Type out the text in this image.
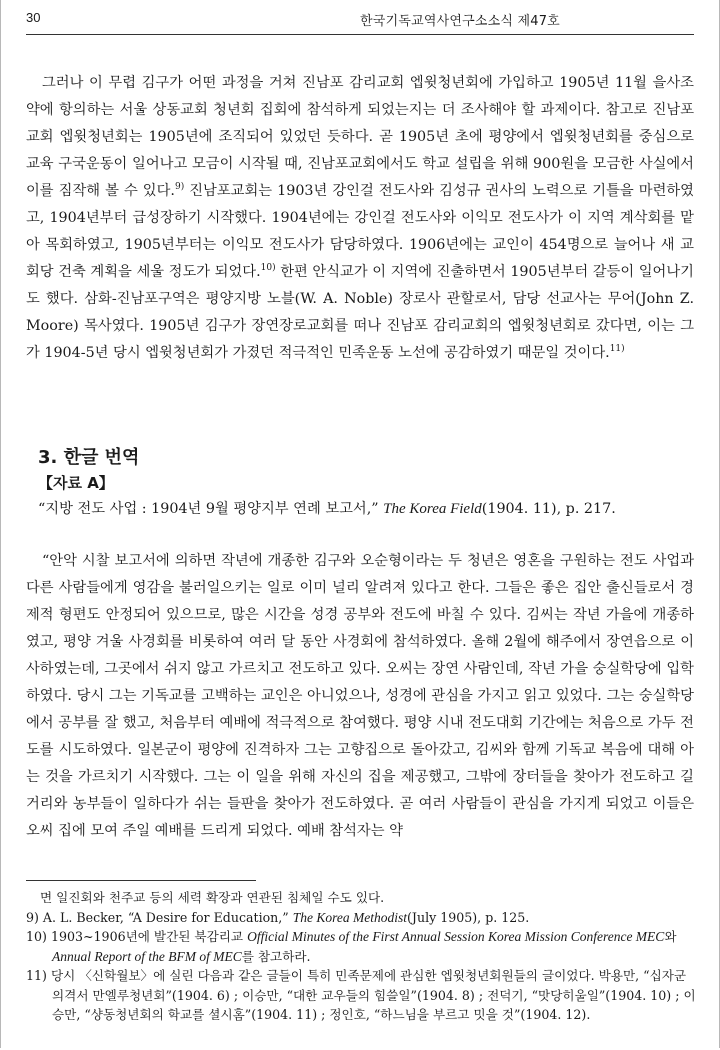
30	한국기독교역사연구소소식 제47호

그러나 이 무렵 김구가 어떤 과정을 거쳐 진남포 감리교회 엡윗청년회에 가입하고 1905년 11월 을사조약에 항의하는 서울 상동교회 청년회 집회에 참석하게 되었는지는 더 조사해야 할 과제이다. 참고로 진남포교회 엡윗청년회는 1905년에 조직되어 있었던 듯하다. 곧 1905년 초에 평양에서 엡윗청년회를 중심으로 교육 구국운동이 일어나고 모금이 시작될 때, 진남포교회에서도 학교 설립을 위해 900원을 모금한 사실에서 이를 짐작해 볼 수 있다.$^{9)}$ 진남포교회는 1903년 강인걸 전도사와 김성규 권사의 노력으로 기틀을 마련하였고, 1904년부터 급성장하기 시작했다. 1904년에는 강인걸 전도사와 이익모 전도사가 이 지역 계삭회를 맡아 목회하였고, 1905년부터는 이익모 전도사가 담당하였다. 1906년에는 교인이 454명으로 늘어나 새 교회당 건축 계획을 세울 정도가 되었다.$^{10)}$ 한편 안식교가 이 지역에 진출하면서 1905년부터 갈등이 일어나기도 했다. 삼화-진남포구역은 평양지방 노블(W. A. Noble) 장로사 관할로서, 담당 선교사는 무어(John Z. Moore) 목사였다. 1905년 김구가 장연장로교회를 떠나 진남포 감리교회의 엡윗청년회로 갔다면, 이는 그가 1904-5년 당시 엡윗청년회가 가졌던 적극적인 민족운동 노선에 공감하였기 때문일 것이다.$^{11)}$

3. 한글 번역
【자료 A】
“지방 전도 사업 : 1904년 9월 평양지부 연례 보고서,” The Korea Field(1904. 11), p. 217.

“안악 시찰 보고서에 의하면 작년에 개종한 김구와 오순형이라는 두 청년은 영혼을 구원하는 전도 사업과 다른 사람들에게 영감을 불러일으키는 일로 이미 널리 알려져 있다고 한다. 그들은 좋은 집안 출신들로서 경제적 형편도 안정되어 있으므로, 많은 시간을 성경 공부와 전도에 바칠 수 있다. 김씨는 작년 가을에 개종하였고, 평양 겨울 사경회를 비롯하여 여러 달 동안 사경회에 참석하였다. 올해 2월에 해주에서 장연읍으로 이사하였는데, 그곳에서 쉬지 않고 가르치고 전도하고 있다. 오씨는 장연 사람인데, 작년 가을 숭실학당에 입학하였다. 당시 그는 기독교를 고백하는 교인은 아니었으나, 성경에 관심을 가지고 읽고 있었다. 그는 숭실학당에서 공부를 잘 했고, 처음부터 예배에 적극적으로 참여했다. 평양 시내 전도대회 기간에는 처음으로 가두 전도를 시도하였다. 일본군이 평양에 진격하자 그는 고향집으로 돌아갔고, 김씨와 함께 기독교 복음에 대해 아는 것을 가르치기 시작했다. 그는 이 일을 위해 자신의 집을 제공했고, 그밖에 장터들을 찾아가 전도하고 길거리와 농부들이 일하다가 쉬는 들판을 찾아가 전도하였다. 곧 여러 사람들이 관심을 가지게 되었고 이들은 오씨 집에 모여 주일 예배를 드리게 되었다. 예배 참석자는 약

면 일진회와 천주교 등의 세력 확장과 연관된 침체일 수도 있다.

9) A. L. Becker, “A Desire for Education,” The Korea Methodist(July 1905), p. 125.

10) 1903~1906년에 발간된 북감리교 Official Minutes of the First Annual Session Korea Mission Conference MEC와 Annual Report of the BFM of MEC를 참고하라.

11) 당시 〈신학월보〉에 실린 다음과 같은 글들이 특히 민족문제에 관심한 엡윗청년회원들의 글이었다. 박용만, “십자군의격서 만엘루청년회”(1904. 6) ; 이승만, “대한 교우들의 힘쓸일”(1904. 8) ; 전덕기, “맛당히울일”(1904. 10) ; 이승만, “샹동청년회의 학교를 셜시홈”(1904. 11) ; 정인호, “하느님을 부르고 밋을 것”(1904. 12).
